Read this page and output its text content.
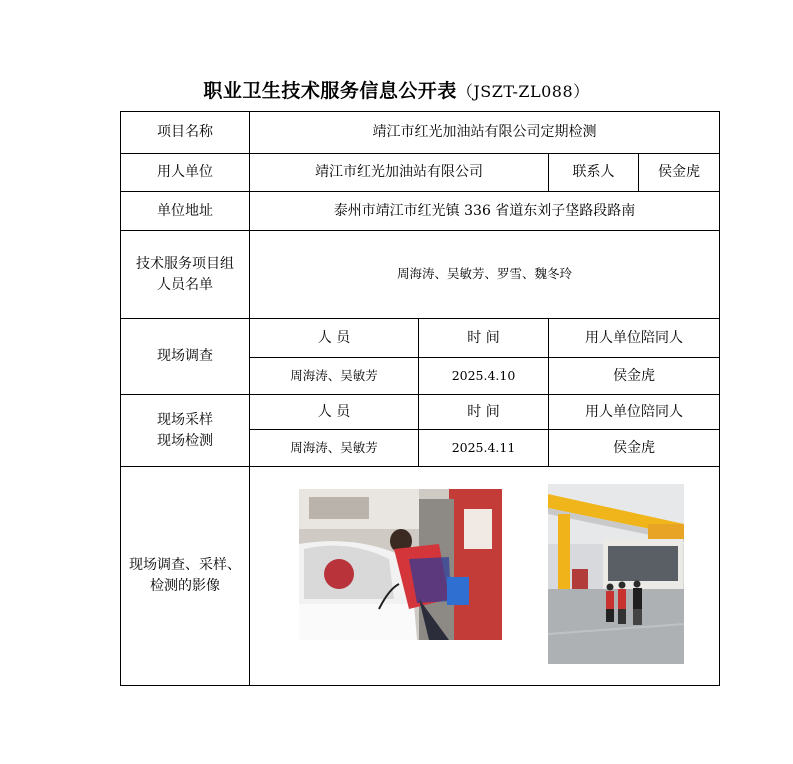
职业卫生技术服务信息公开表（JSZT-ZL088）
项目名称	靖江市红光加油站有限公司定期检测			
用人单位	靖江市红光加油站有限公司		联系人	侯金虎
单位地址	泰州市靖江市红光镇 336 省道东刘子垡路段路南			

技术服务项目组
人员名单	周海涛、吴敏芳、罗雪、魏冬玲			
现场调查	人 员	时 间	用人单位陪同人	
	周海涛、吴敏芳	2025.4.10	侯金虎	

现场采样
现场检测	人 员	时 间	用人单位陪同人	
	周海涛、吴敏芳	2025.4.11	侯金虎	

现场调查、采样、
检测的影像				
